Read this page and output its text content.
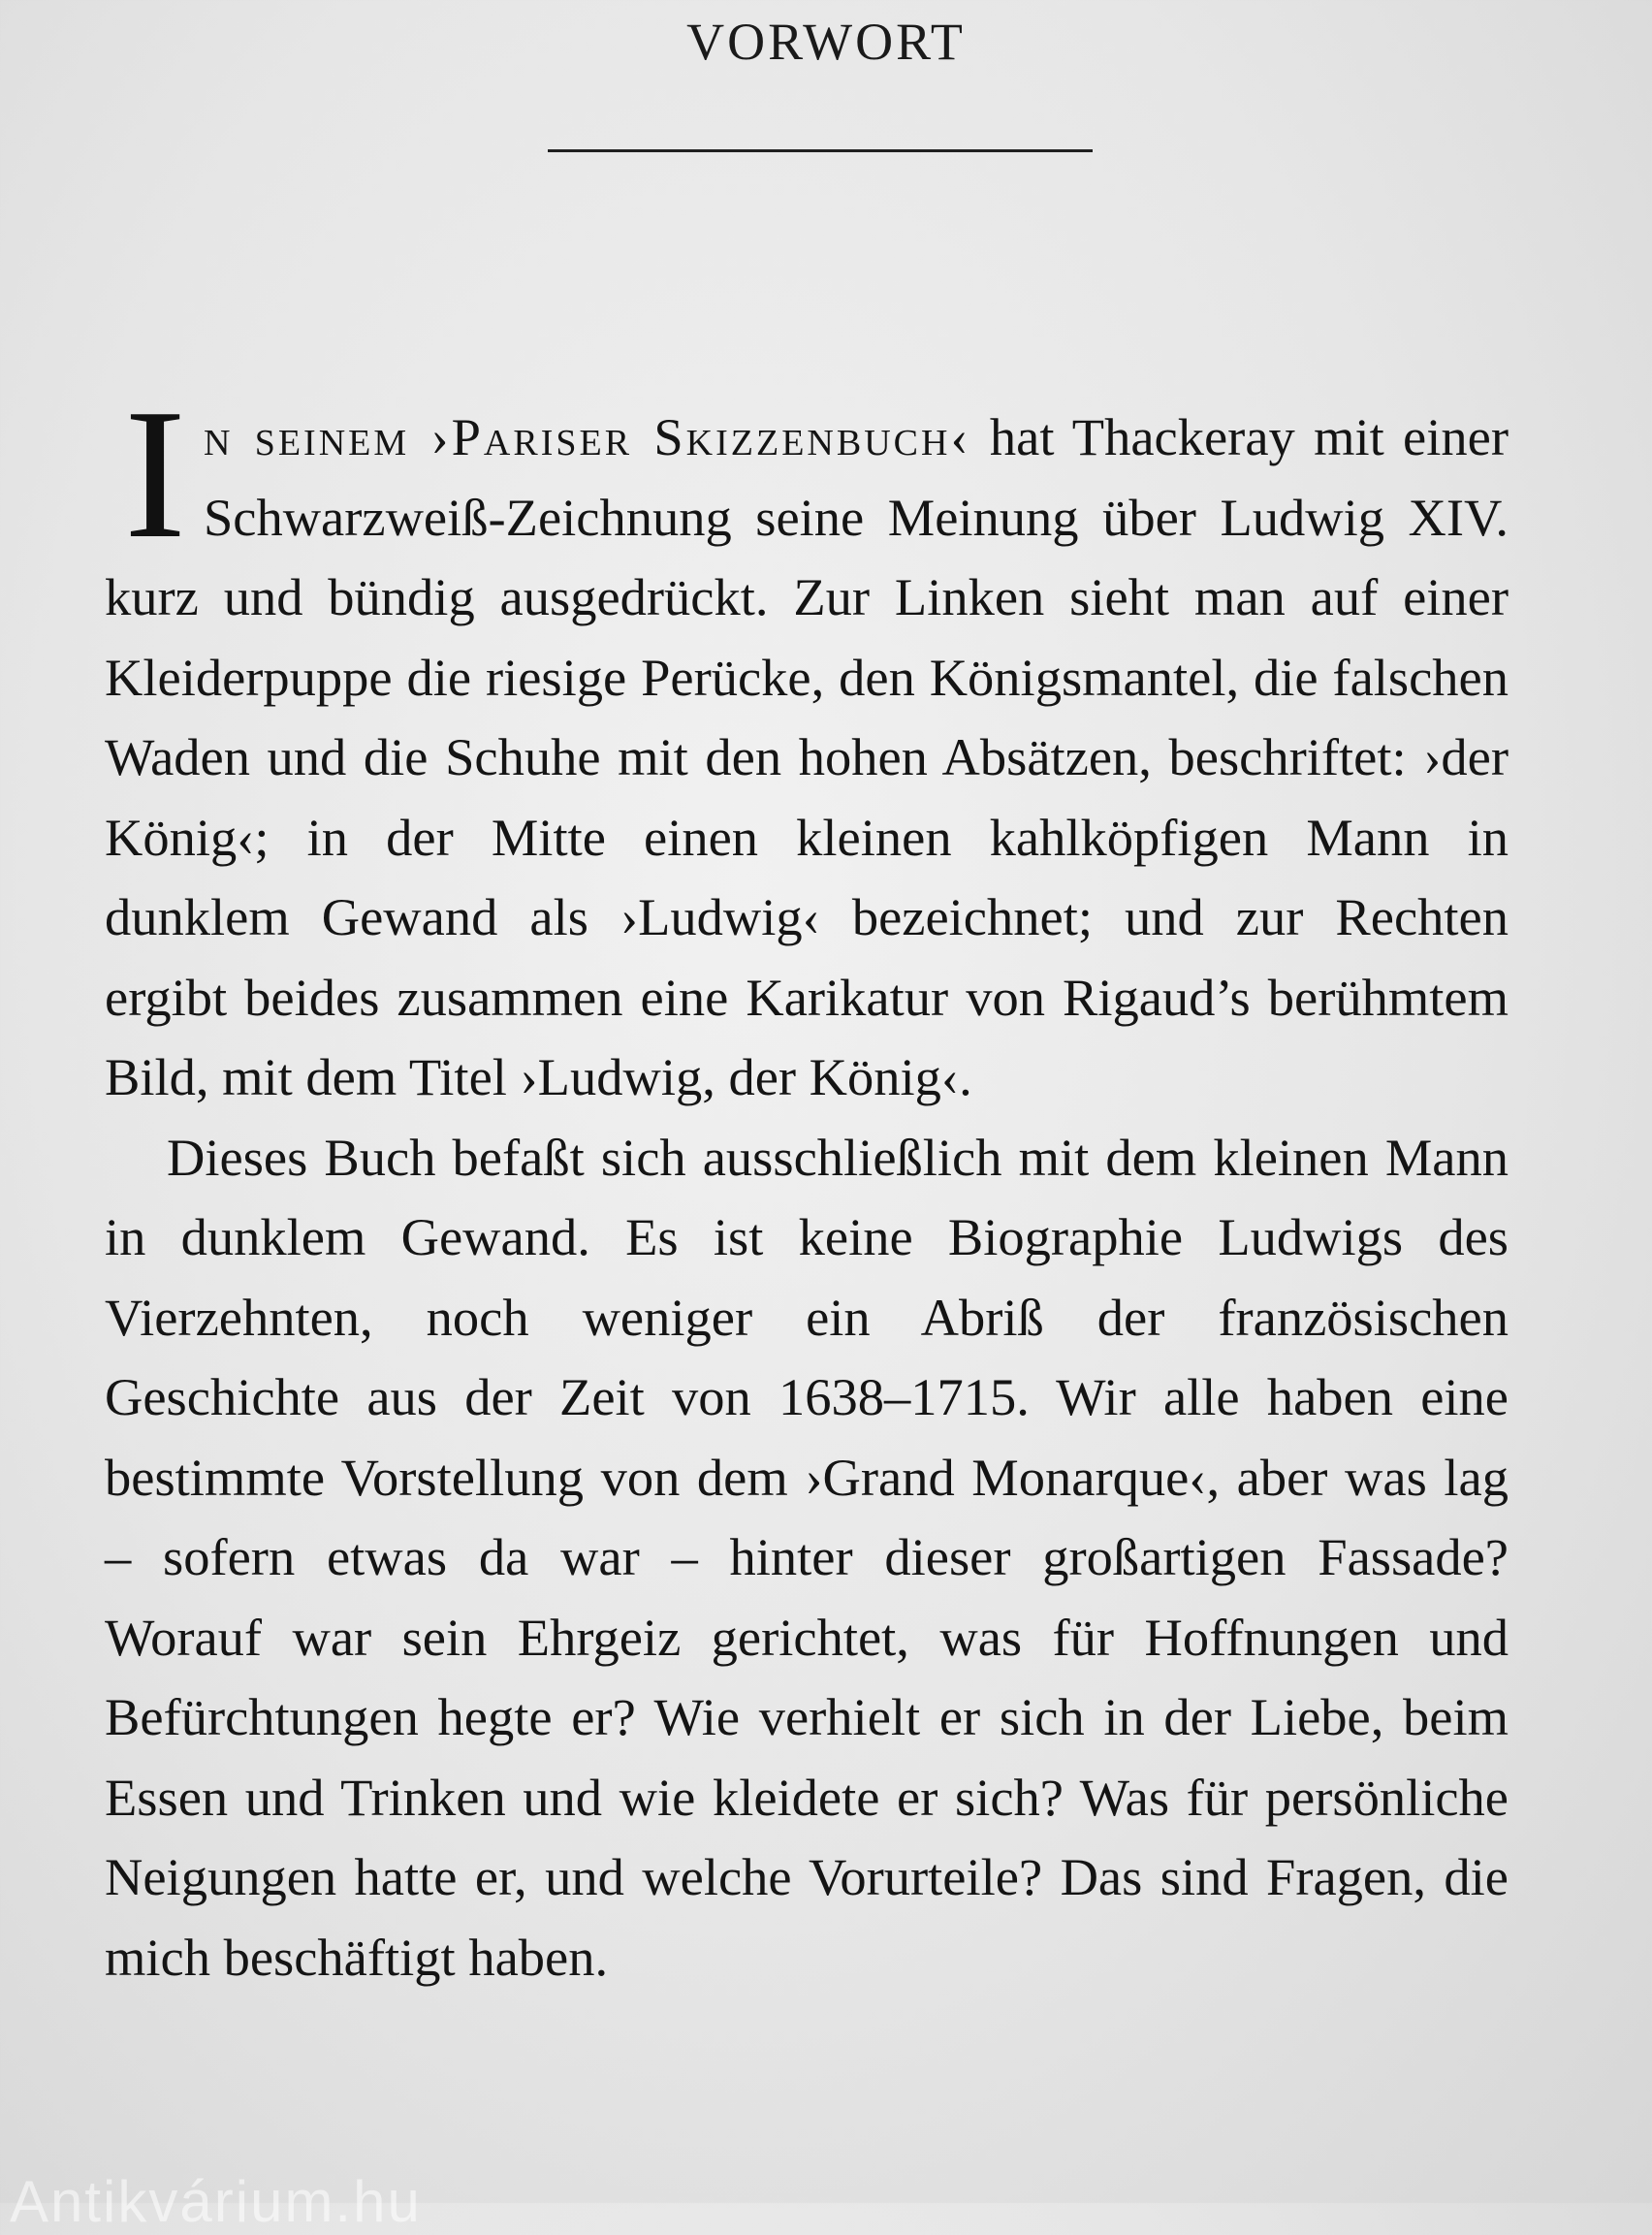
VORWORT

In seinem ›Pariser Skizzenbuch‹ hat Thackeray mit einer Schwarzweiß-Zeichnung seine Meinung über Ludwig XIV. kurz und bündig ausgedrückt. Zur Linken sieht man auf einer Kleiderpuppe die riesige Perücke, den Königsmantel, die falschen Waden und die Schuhe mit den hohen Absätzen, beschriftet: ›der König‹; in der Mitte einen kleinen kahlköpfigen Mann in dunklem Gewand als ›Ludwig‹ bezeichnet; und zur Rechten ergibt beides zusammen eine Karikatur von Rigaud’s berühmtem Bild, mit dem Titel ›Ludwig, der König‹.

Dieses Buch befaßt sich ausschließlich mit dem kleinen Mann in dunklem Gewand. Es ist keine Biographie Ludwigs des Vierzehnten, noch weniger ein Abriß der französischen Geschichte aus der Zeit von 1638–1715. Wir alle haben eine bestimmte Vorstellung von dem ›Grand Monarque‹, aber was lag – sofern etwas da war – hinter dieser großartigen Fassade? Worauf war sein Ehrgeiz gerichtet, was für Hoffnungen und Befürchtungen hegte er? Wie verhielt er sich in der Liebe, beim Essen und Trinken und wie kleidete er sich? Was für persönliche Neigungen hatte er, und welche Vorurteile? Das sind Fragen, die mich beschäftigt haben.

Antikvárium.hu
